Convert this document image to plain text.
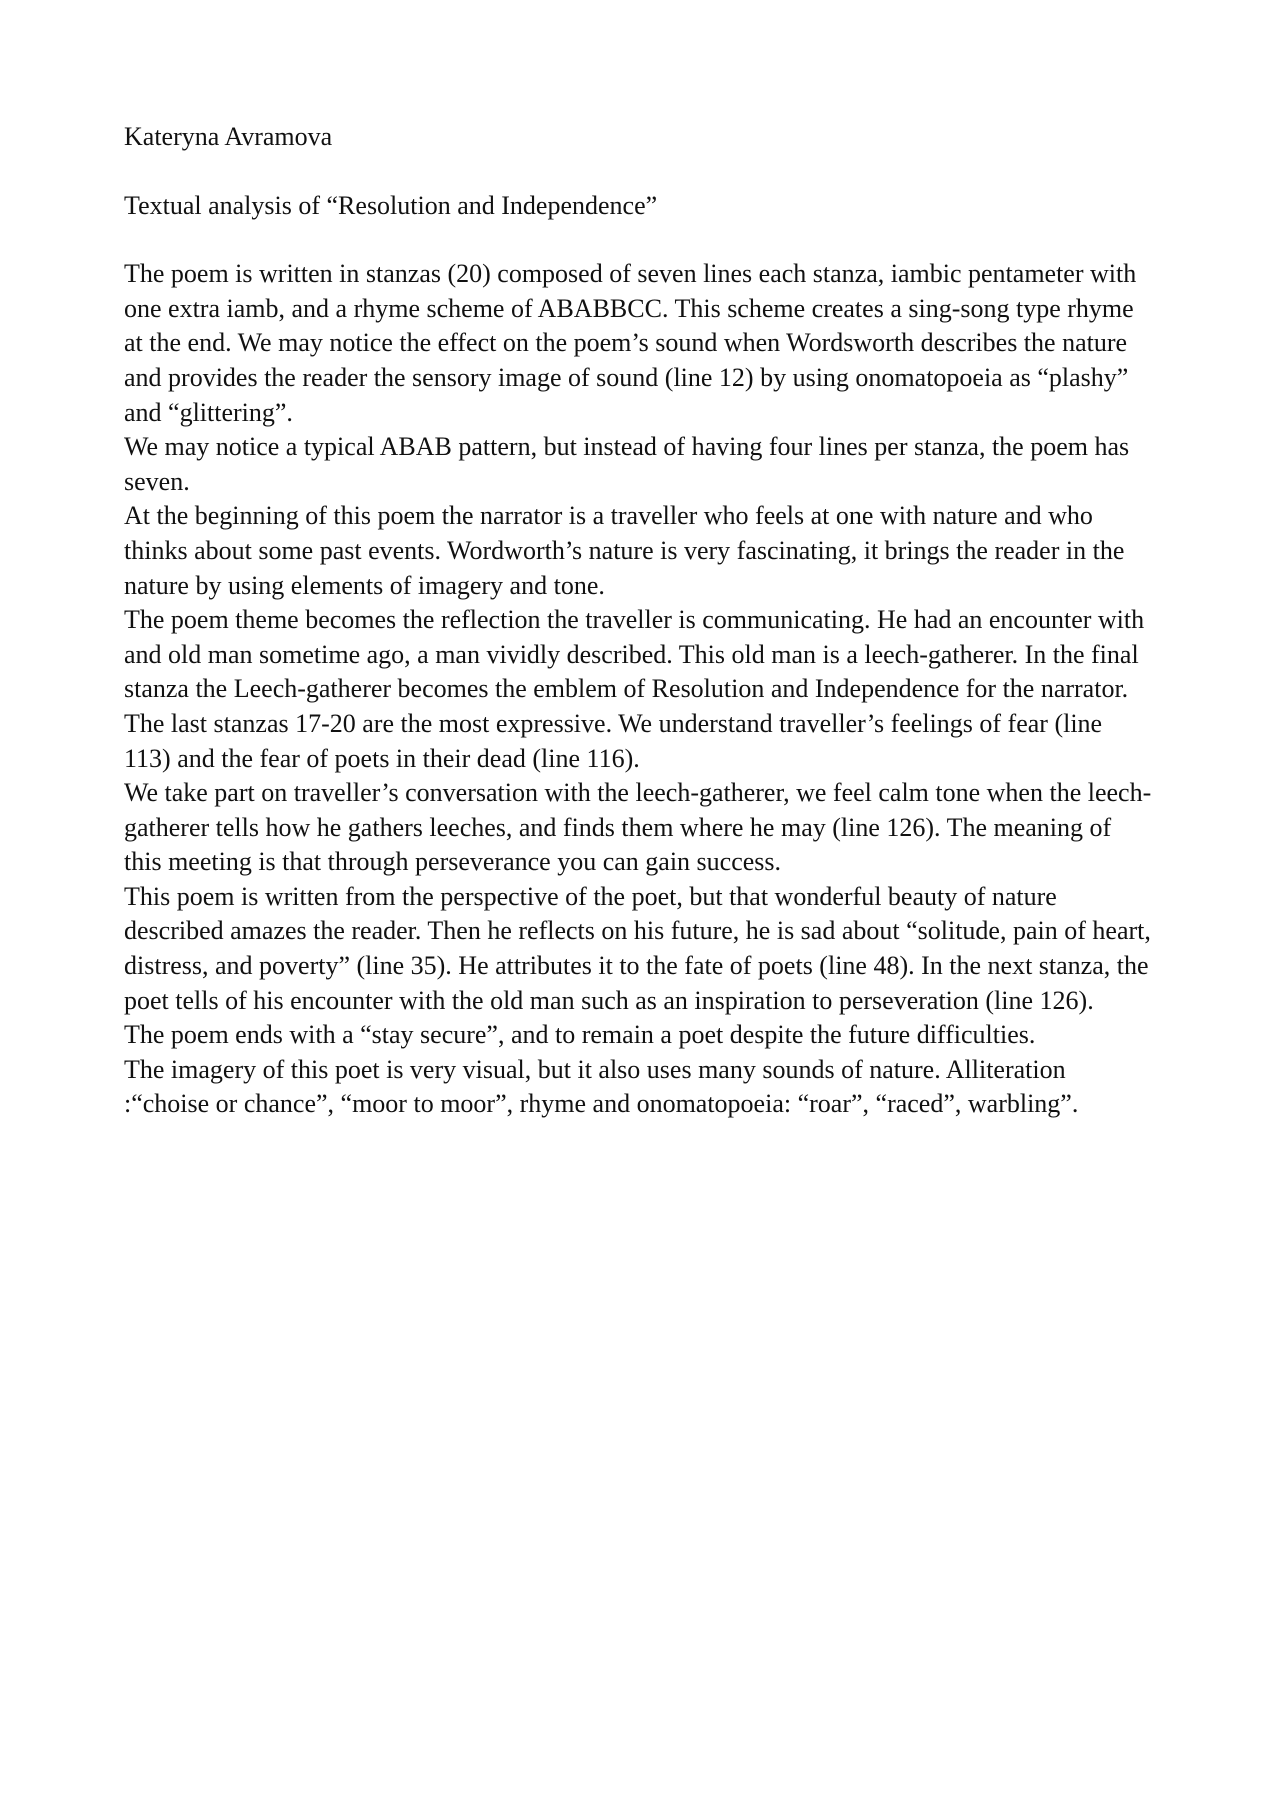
Kateryna Avramova
Textual analysis of “Resolution and Independence”

The poem is written in stanzas (20) composed of seven lines each stanza, iambic pentameter with one extra iamb, and a rhyme scheme of ABABBCC. This scheme creates a sing-song type rhyme at the end. We may notice the effect on the poem’s sound when Wordsworth describes the nature and provides the reader the sensory image of sound (line 12) by using onomatopoeia as “plashy” and “glittering”.

We may notice a typical ABAB pattern, but instead of having four lines per stanza, the poem has seven.

At the beginning of this poem the narrator is a traveller who feels at one with nature and who thinks about some past events. Wordworth’s nature is very fascinating, it brings the reader in the nature by using elements of imagery and tone.

The poem theme becomes the reflection the traveller is communicating. He had an encounter with and old man sometime ago, a man vividly described. This old man is a leech-gatherer. In the final stanza the Leech-gatherer becomes the emblem of Resolution and Independence for the narrator.

The last stanzas 17-20 are the most expressive. We understand traveller’s feelings of fear (line 113) and the fear of poets in their dead (line 116).

We take part on traveller’s conversation with the leech-gatherer, we feel calm tone when the leech-gatherer tells how he gathers leeches, and finds them where he may (line 126). The meaning of this meeting is that through perseverance you can gain success.

This poem is written from the perspective of the poet, but that wonderful beauty of nature described amazes the reader. Then he reflects on his future, he is sad about “solitude, pain of heart, distress, and poverty” (line 35). He attributes it to the fate of poets (line 48). In the next stanza, the poet tells of his encounter with the old man such as an inspiration to perseveration (line 126).

The poem ends with a “stay secure”, and to remain a poet despite the future difficulties.

The imagery of this poet is very visual, but it also uses many sounds of nature. Alliteration :“choise or chance”, “moor to moor”, rhyme and onomatopoeia: “roar”, “raced”, warbling”.
